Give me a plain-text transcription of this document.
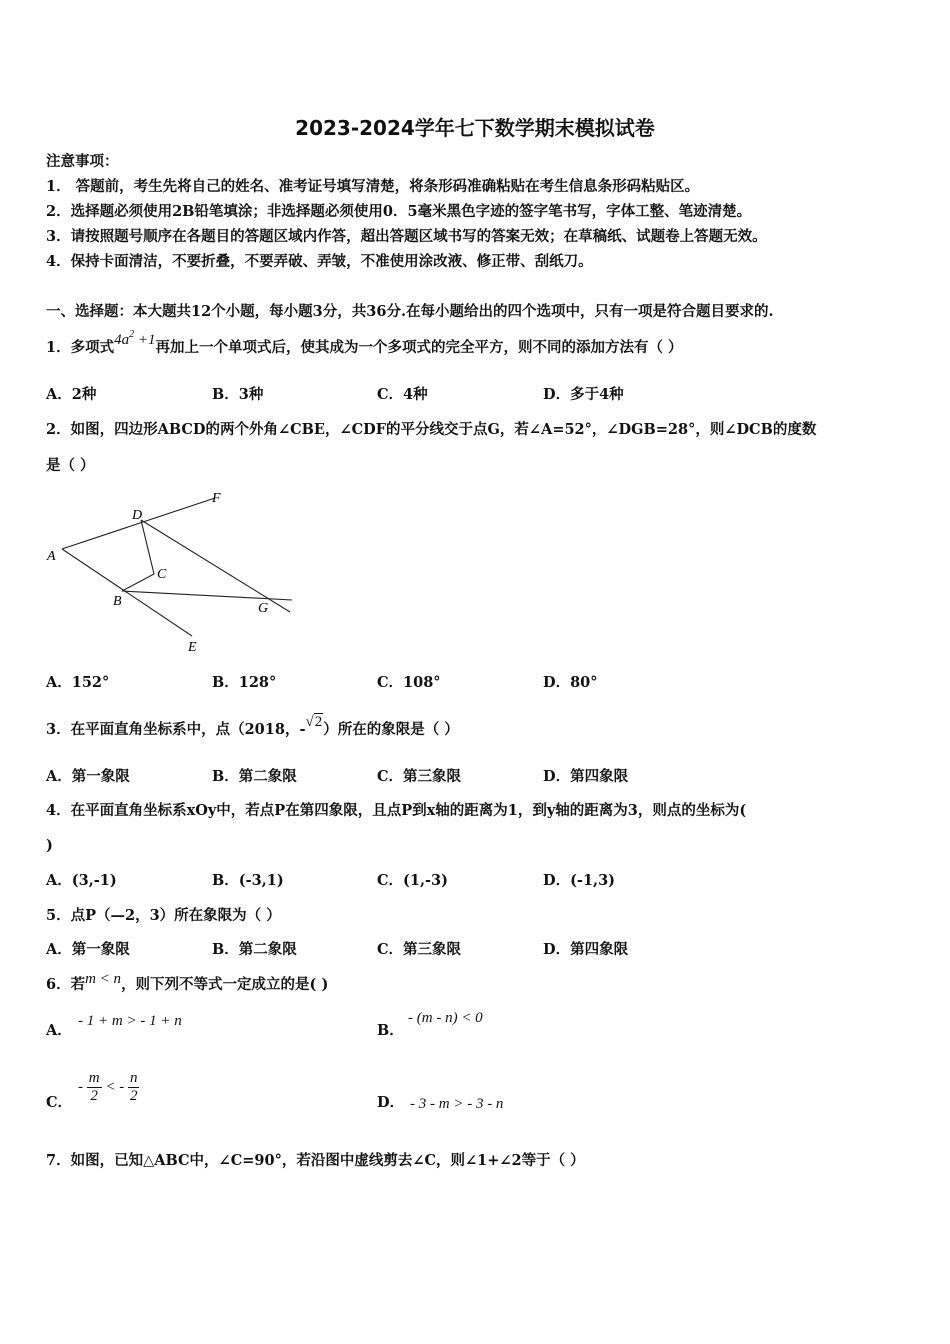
2023-2024学年七下数学期末模拟试卷
注意事项：
1． 答题前，考生先将自己的姓名、准考证号填写清楚，将条形码准确粘贴在考生信息条形码粘贴区。
2．选择题必须使用2B铅笔填涂；非选择题必须使用0．5毫米黑色字迹的签字笔书写，字体工整、笔迹清楚。
3．请按照题号顺序在各题目的答题区域内作答，超出答题区域书写的答案无效；在草稿纸、试题卷上答题无效。
4．保持卡面清洁，不要折叠，不要弄破、弄皱，不准使用涂改液、修正带、刮纸刀。
一、选择题：本大题共12个小题，每小题3分，共36分.在每小题给出的四个选项中，只有一项是符合题目要求的.
1．多项式$4a^2 +1$再加上一个单项式后，使其成为一个多项式的完全平方，则不同的添加方法有（ ）
A．2种	B．3种	C．4种	D．多于4种
2．如图，四边形ABCD的两个外角∠CBE，∠CDF的平分线交于点G，若∠A=52°，∠DGB=28°，则∠DCB的度数
是（ ）
F
D
A
C
B	G
E
A．152°	B．128°	C．108°	D．80°
3．在平面直角坐标系中，点（2018，-√2）所在的象限是（ ）
A．第一象限	B．第二象限	C．第三象限	D．第四象限
4．在平面直角坐标系xOy中，若点P在第四象限，且点P到x轴的距离为1，到y轴的距离为3，则点的坐标为(
)
A．(3,-1)	B．(-3,1)	C．(1,-3)	D．(-1,3)
5．点P（—2，3）所在象限为（ ）
A．第一象限	B．第二象限	C．第三象限	D．第四象限
6．若m < n，则下列不等式一定成立的是( )
A．
- 1 + m > - 1 + n
B．
- (m - n) < 0
C．
- $\frac{m}{2}$ < - $\frac{n}{2}$	D． - 3 - m > - 3 - n
7．如图，已知△ABC中，∠C=90°，若沿图中虚线剪去∠C，则∠1+∠2等于（ ）
